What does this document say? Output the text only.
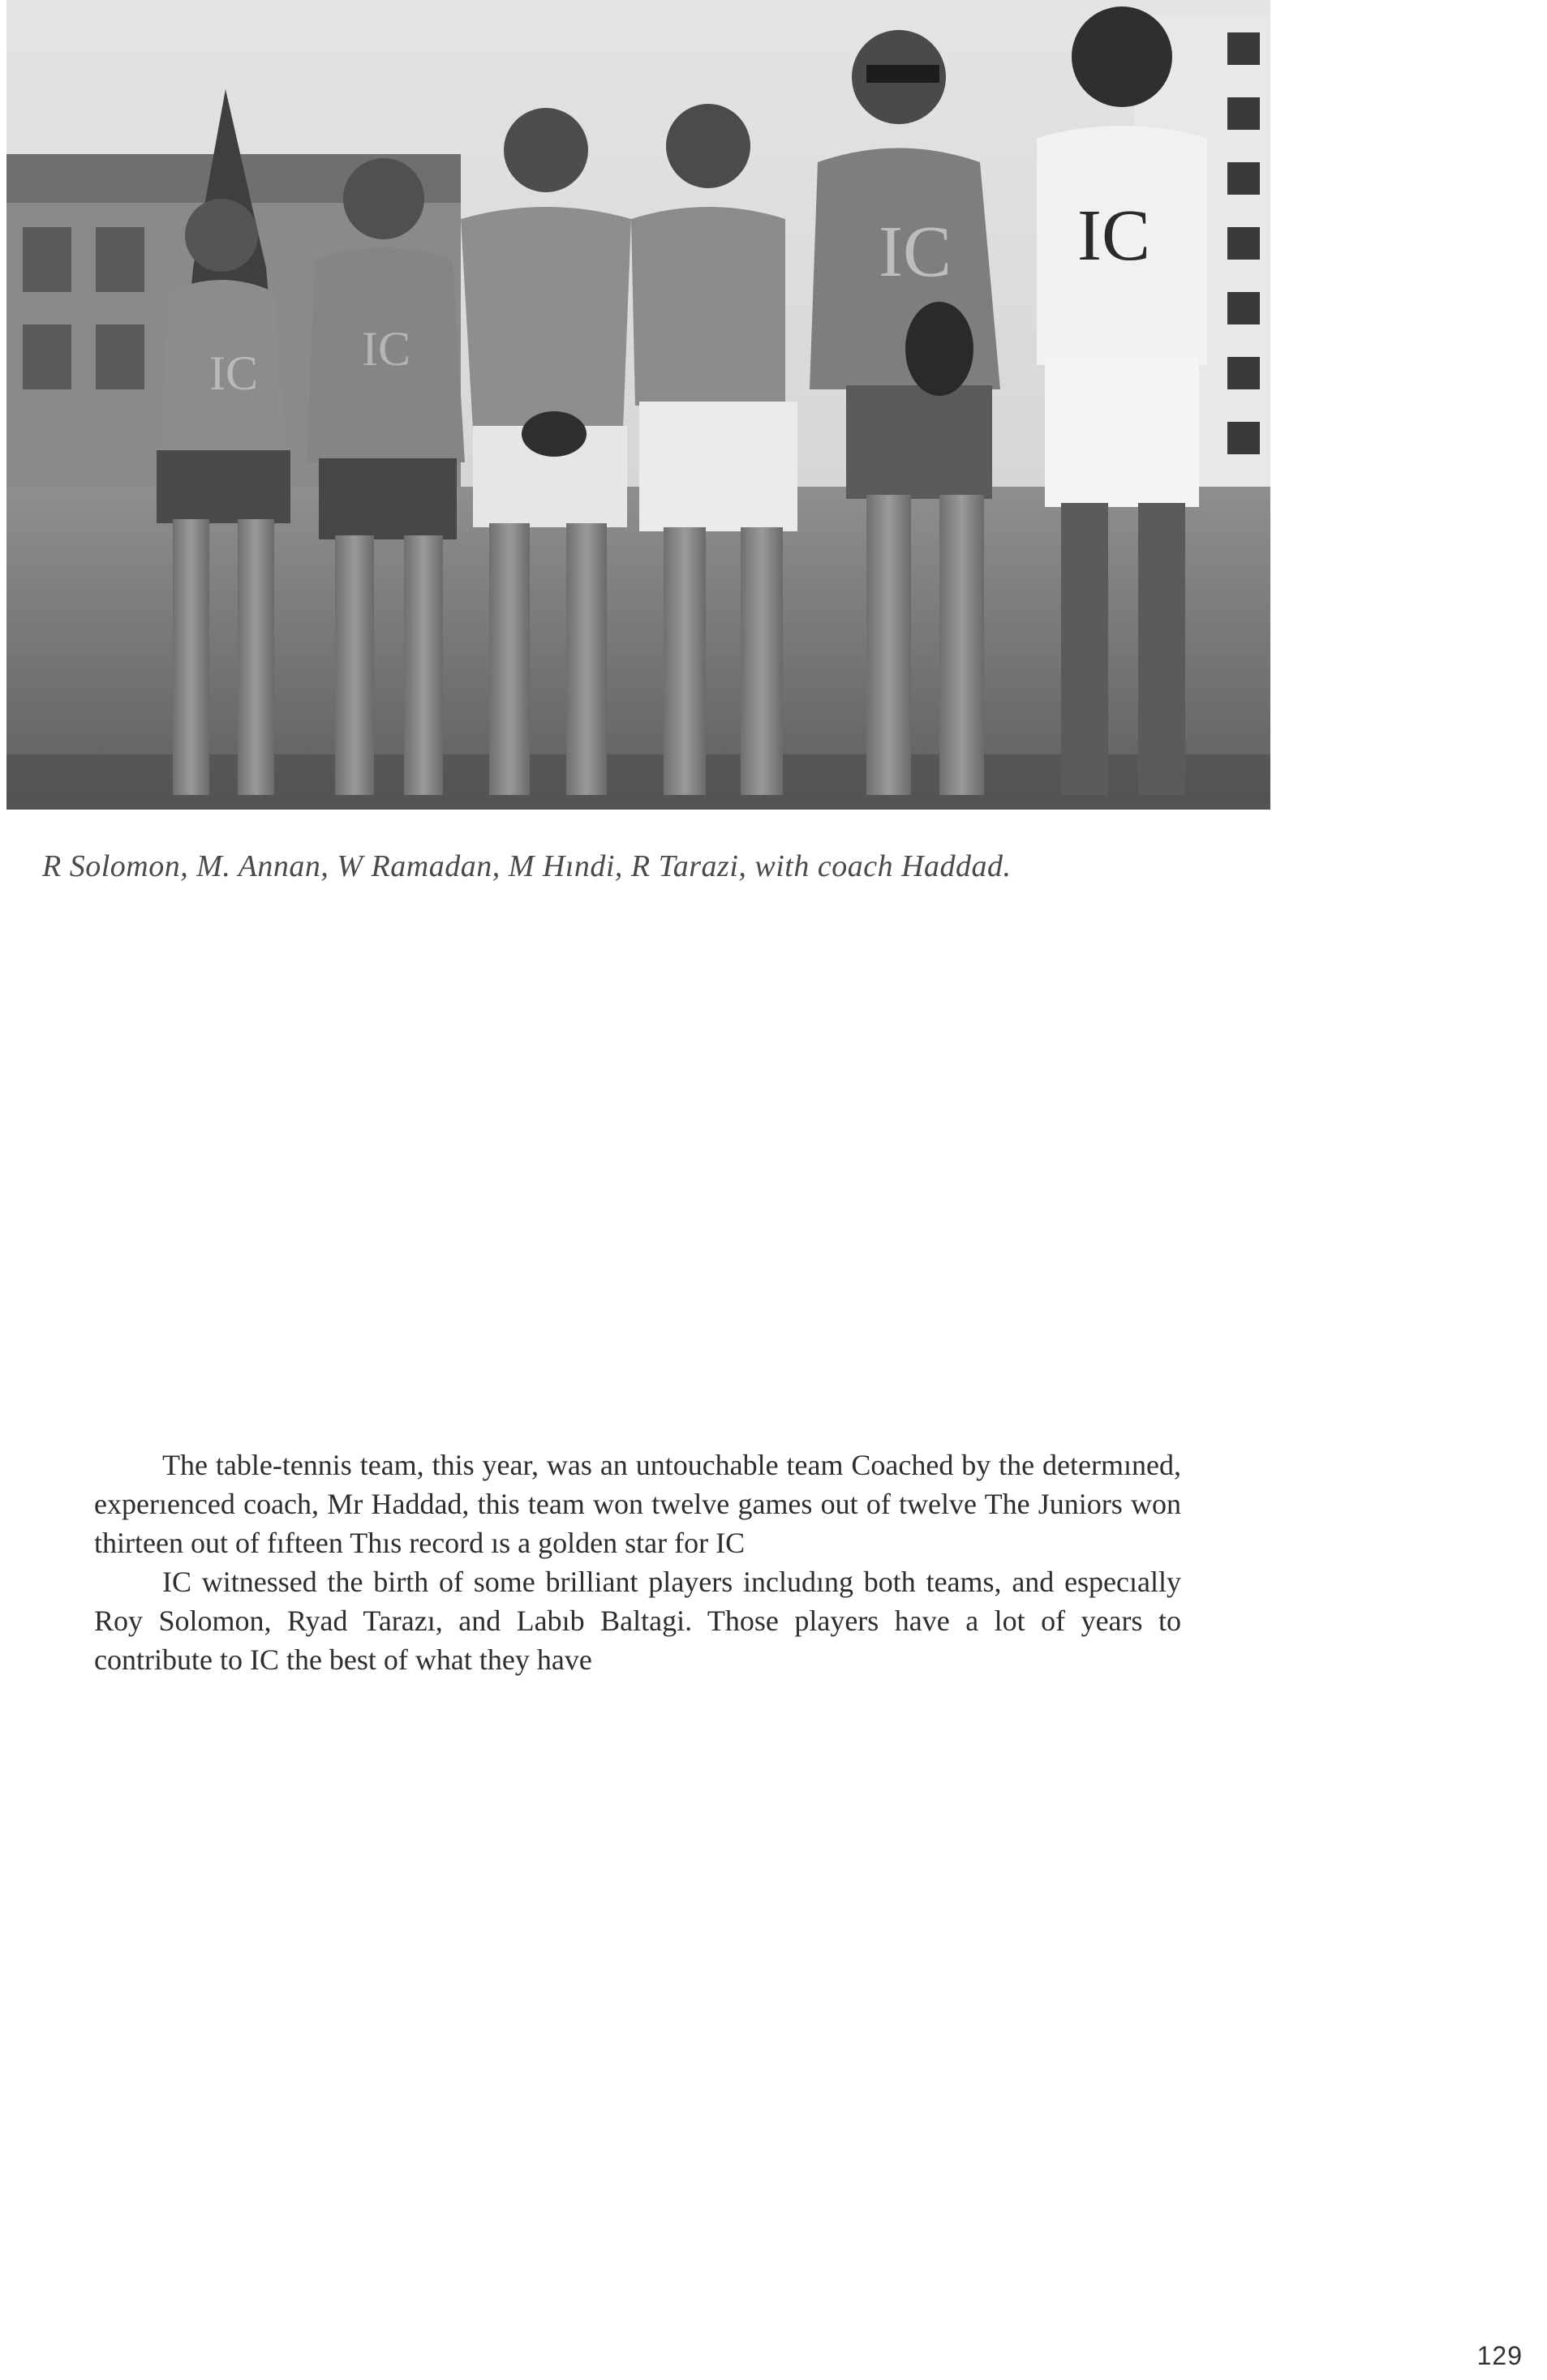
IC IC
IC IC
R Solomon, M. Annan, W Ramadan, M Hındi, R Tarazi, with coach Haddad.

The table-tennis team, this year, was an untouchable team Coached by the determıned, experıenced coach, Mr Haddad, this team won twelve games out of twelve The Juniors won thirteen out of fıfteen Thıs record ıs a golden star for IC

IC witnessed the birth of some brilliant players includıng both teams, and especıally Roy Solomon, Ryad Tarazı, and Labıb Baltagi. Those players have a lot of years to contribute to IC the best of what they have

129
